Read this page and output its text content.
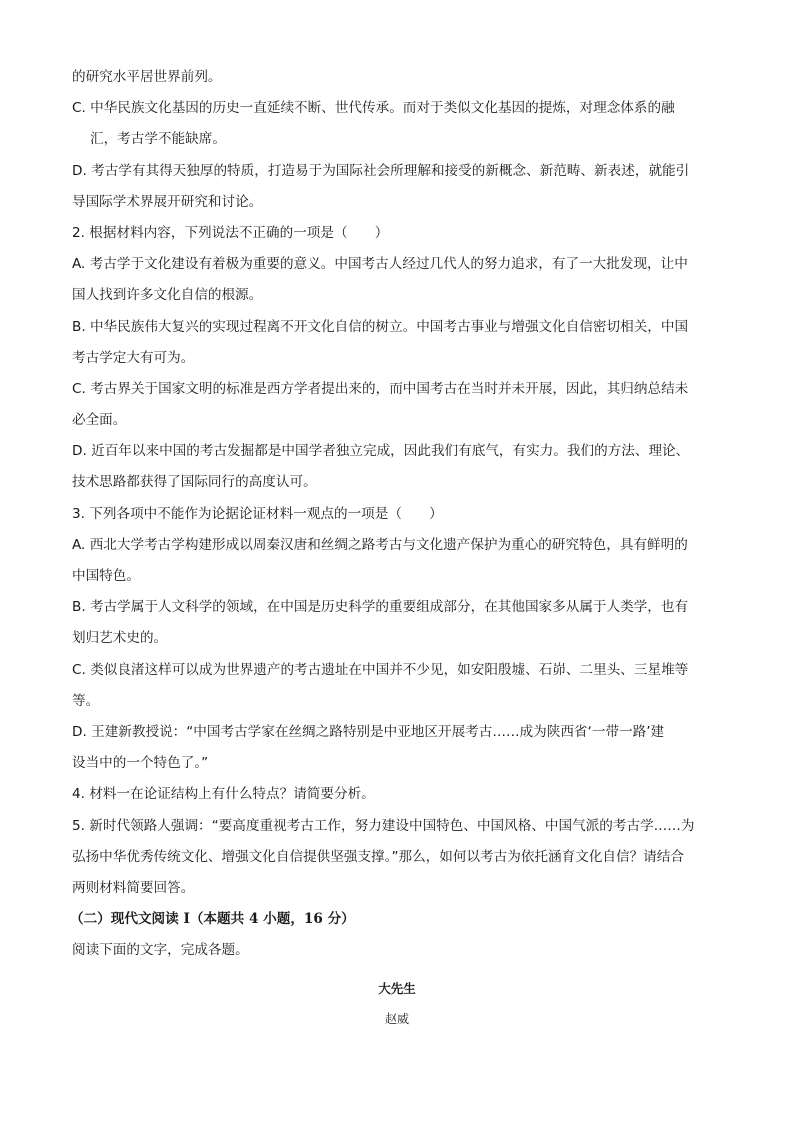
的研究水平居世界前列。
C. 中华民族文化基因的历史一直延续不断、世代传承。而对于类似文化基因的提炼，对理念体系的融
汇，考古学不能缺席。
D. 考古学有其得天独厚的特质，打造易于为国际社会所理解和接受的新概念、新范畴、新表述，就能引
导国际学术界展开研究和讨论。
2. 根据材料内容，下列说法不正确的一项是（　　）
A. 考古学于文化建设有着极为重要的意义。中国考古人经过几代人的努力追求，有了一大批发现，让中
国人找到许多文化自信的根源。
B. 中华民族伟大复兴的实现过程离不开文化自信的树立。中国考古事业与增强文化自信密切相关，中国
考古学定大有可为。
C. 考古界关于国家文明的标准是西方学者提出来的，而中国考古在当时并未开展，因此，其归纳总结未
必全面。
D. 近百年以来中国的考古发掘都是中国学者独立完成，因此我们有底气，有实力。我们的方法、理论、
技术思路都获得了国际同行的高度认可。
3. 下列各项中不能作为论据论证材料一观点的一项是（　　）
A. 西北大学考古学构建形成以周秦汉唐和丝绸之路考古与文化遗产保护为重心的研究特色，具有鲜明的
中国特色。
B. 考古学属于人文科学的领域，在中国是历史科学的重要组成部分，在其他国家多从属于人类学，也有
划归艺术史的。
C. 类似良渚这样可以成为世界遗产的考古遗址在中国并不少见，如安阳殷墟、石峁、二里头、三星堆等
等。
D. 王建新教授说：“中国考古学家在丝绸之路特别是中亚地区开展考古……成为陕西省‘一带一路’建
设当中的一个特色了。”
4. 材料一在论证结构上有什么特点？请简要分析。
5. 新时代领路人强调：“要高度重视考古工作，努力建设中国特色、中国风格、中国气派的考古学……为
弘扬中华优秀传统文化、增强文化自信提供坚强支撑。”那么，如何以考古为依托涵育文化自信？请结合
两则材料简要回答。
（二）现代文阅读 I（本题共 4 小题，16 分）
阅读下面的文字，完成各题。
大先生
赵威
